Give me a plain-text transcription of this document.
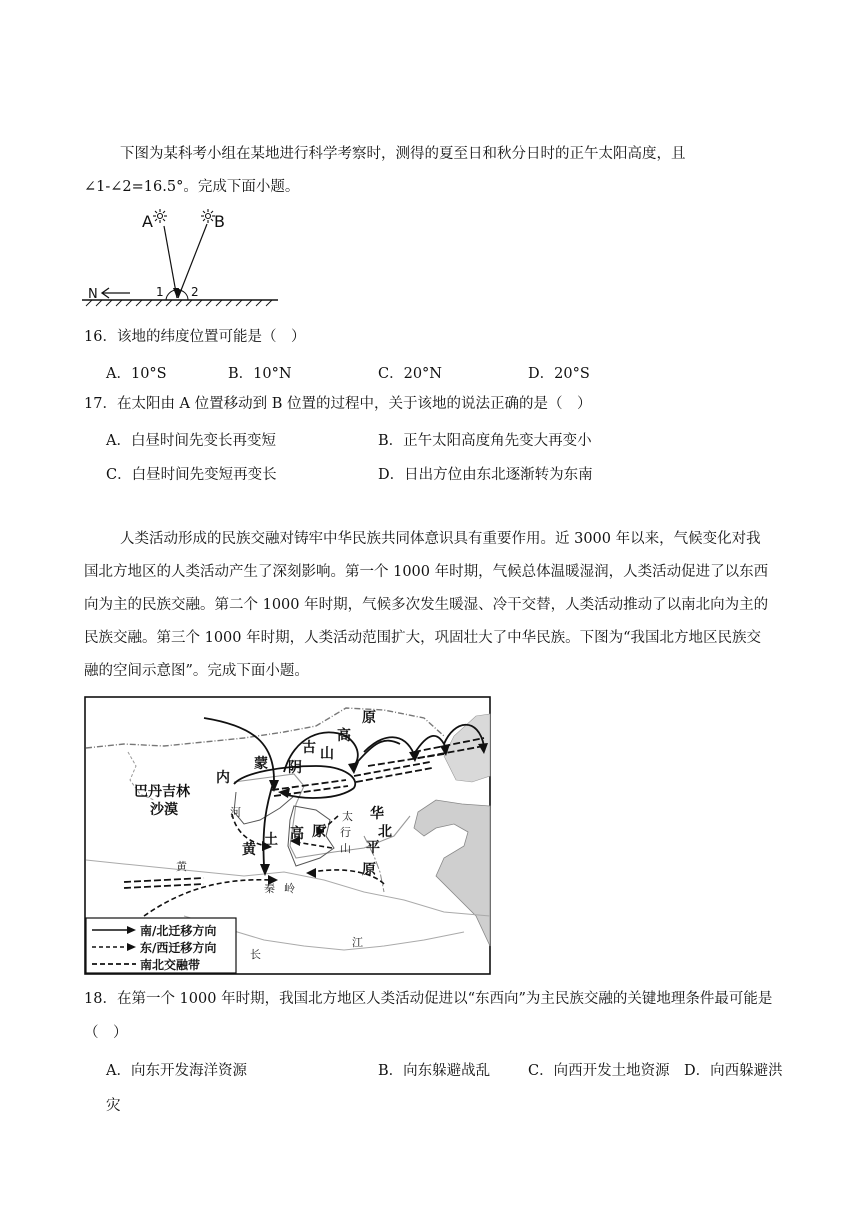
下图为某科考小组在某地进行科学考察时，测得的夏至日和秋分日时的正午太阳高度，且
∠1-∠2=16.5°。完成下面小题。
A	B
1 2
N
16．该地的纬度位置可能是（　）
A．10°S	B．10°N	C．20°N	D．20°S
17．在太阳由 A 位置移动到 B 位置的过程中，关于该地的说法正确的是（　）
A．白昼时间先变长再变短	B．正午太阳高度角先变大再变小
C．白昼时间先变短再变长	D．日出方位由东北逐渐转为东南
人类活动形成的民族交融对铸牢中华民族共同体意识具有重要作用。近 3000 年以来，气候变化对我
国北方地区的人类活动产生了深刻影响。第一个 1000 年时期，气候总体温暖湿润，人类活动促进了以东西
向为主的民族交融。第二个 1000 年时期，气候多次发生暖湿、冷干交替，人类活动推动了以南北向为主的
民族交融。第三个 1000 年时期，人类活动范围扩大，巩固壮大了中华民族。下图为“我国北方地区民族交
融的空间示意图”。完成下面小题。
原
高
古
蒙
内
阴
山
巴丹吉林
沙漠
土 高 原
黄
华
北
平
原
河	太
行
山
黄
秦 岭
长
江
南/北迁移方向
东/西迁移方向
南北交融带
18．在第一个 1000 年时期，我国北方地区人类活动促进以“东西向”为主民族交融的关键地理条件最可能是
（　）
A．向东开发海洋资源	B．向东躲避战乱	C．向西开发土地资源 D．向西躲避洪
灾
